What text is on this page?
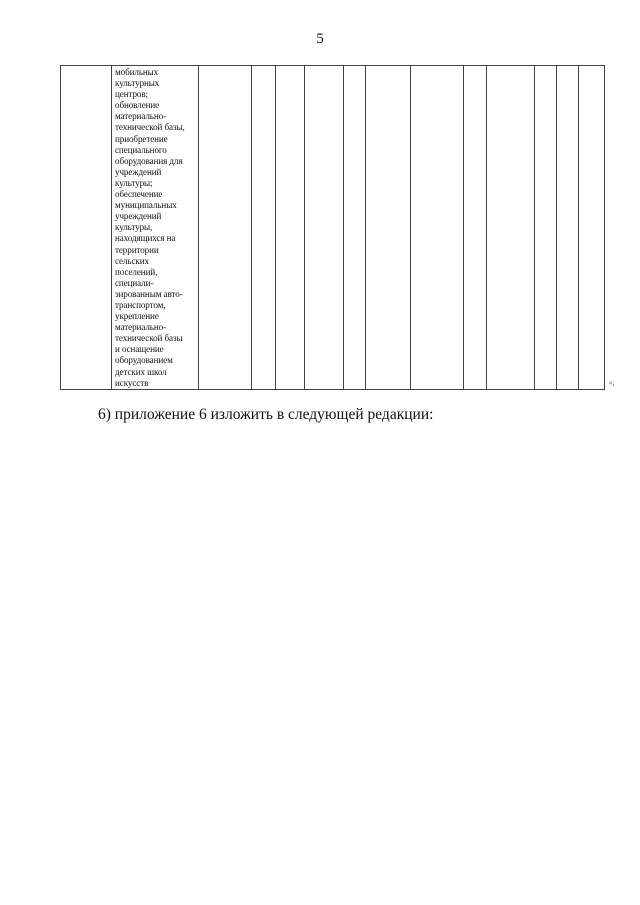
5

мобильных
культурных
центров;
обновление
материально-
технической базы,
приобретение
специального
оборудования для
учреждений
культуры;
обеспечение
муниципальных
учреждений
культуры,
находящихся на
территории
сельских
поселений,
специали-
зированным авто-
транспортом,
укрепление
материально-
технической базы
и оснащение
оборудованием
детских школ
искусств
													»;
6) приложение 6 изложить в следующей редакции:
